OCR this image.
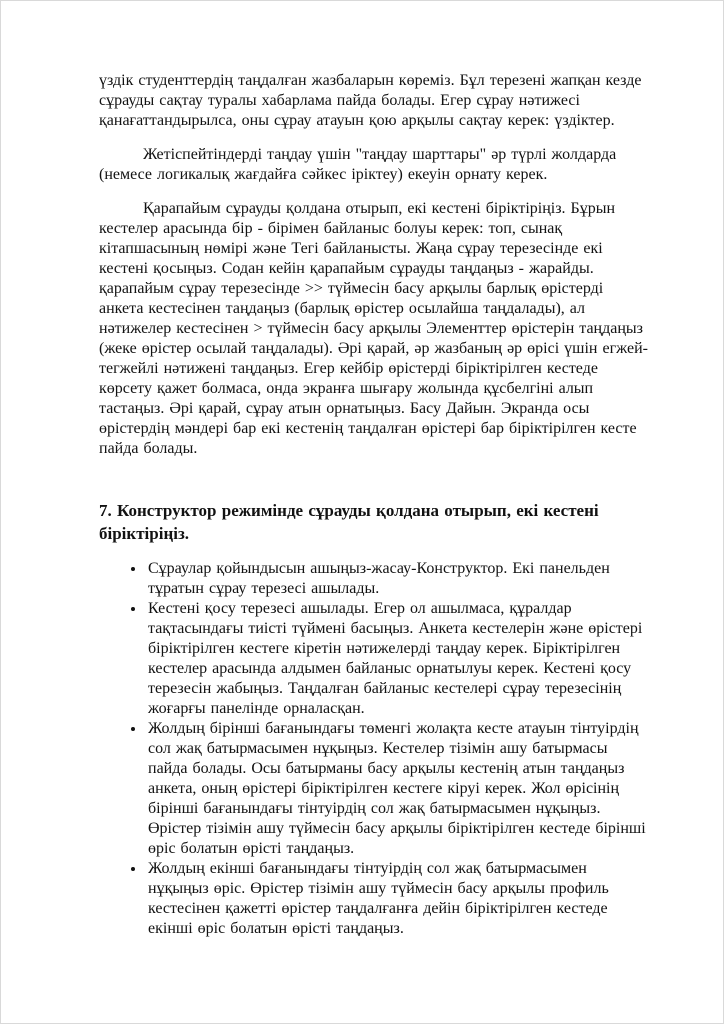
үздік студенттердің таңдалған жазбаларын көреміз. Бұл терезені жапқан кезде сұрауды сақтау туралы хабарлама пайда болады. Егер сұрау нәтижесі қанағаттандырылса, оны сұрау атауын қою арқылы сақтау керек: үздіктер.

Жетіспейтіндерді таңдау үшін "таңдау шарттары" әр түрлі жолдарда (немесе логикалық жағдайға сәйкес іріктеу) екеуін орнату керек.

Қарапайым сұрауды қолдана отырып, екі кестені біріктіріңіз. Бұрын кестелер арасында бір - бірімен байланыс болуы керек: топ, сынақ кітапшасының нөмірі және Тегі байланысты. Жаңа сұрау терезесінде екі кестені қосыңыз. Содан кейін қарапайым сұрауды таңдаңыз - жарайды. қарапайым сұрау терезесінде >> түймесін басу арқылы барлық өрістерді анкета кестесінен таңдаңыз (барлық өрістер осылайша таңдалады), ал нәтижелер кестесінен > түймесін басу арқылы Элементтер өрістерін таңдаңыз (жеке өрістер осылай таңдалады). Әрі қарай, әр жазбаның әр өрісі үшін егжей-тегжейлі нәтижені таңдаңыз. Егер кейбір өрістерді біріктірілген кестеде көрсету қажет болмаса, онда экранға шығару жолында құсбелгіні алып тастаңыз. Әрі қарай, сұрау атын орнатыңыз. Басу Дайын. Экранда осы өрістердің мәндері бар екі кестенің таңдалған өрістері бар біріктірілген кесте пайда болады.

7. Конструктор режимінде сұрауды қолдана отырып, екі кестені біріктіріңіз.
• Сұраулар қойындысын ашыңыз-жасау-Конструктор. Екі панельден тұратын сұрау терезесі ашылады.
• Кестені қосу терезесі ашылады. Егер ол ашылмаса, құралдар тақтасындағы тиісті түймені басыңыз. Анкета кестелерін және өрістері біріктірілген кестеге кіретін нәтижелерді таңдау керек. Біріктірілген кестелер арасында алдымен байланыс орнатылуы керек. Кестені қосу терезесін жабыңыз. Таңдалған байланыс кестелері сұрау терезесінің жоғарғы панелінде орналасқан.
• Жолдың бірінші бағанындағы төменгі жолақта кесте атауын тінтуірдің сол жақ батырмасымен нұқыңыз. Кестелер тізімін ашу батырмасы пайда болады. Осы батырманы басу арқылы кестенің атын таңдаңыз анкета, оның өрістері біріктірілген кестеге кіруі керек. Жол өрісінің бірінші бағанындағы тінтуірдің сол жақ батырмасымен нұқыңыз. Өрістер тізімін ашу түймесін басу арқылы біріктірілген кестеде бірінші өріс болатын өрісті таңдаңыз.
• Жолдың екінші бағанындағы тінтуірдің сол жақ батырмасымен нұқыңыз өріс. Өрістер тізімін ашу түймесін басу арқылы профиль кестесінен қажетті өрістер таңдалғанға дейін біріктірілген кестеде екінші өріс болатын өрісті таңдаңыз.
